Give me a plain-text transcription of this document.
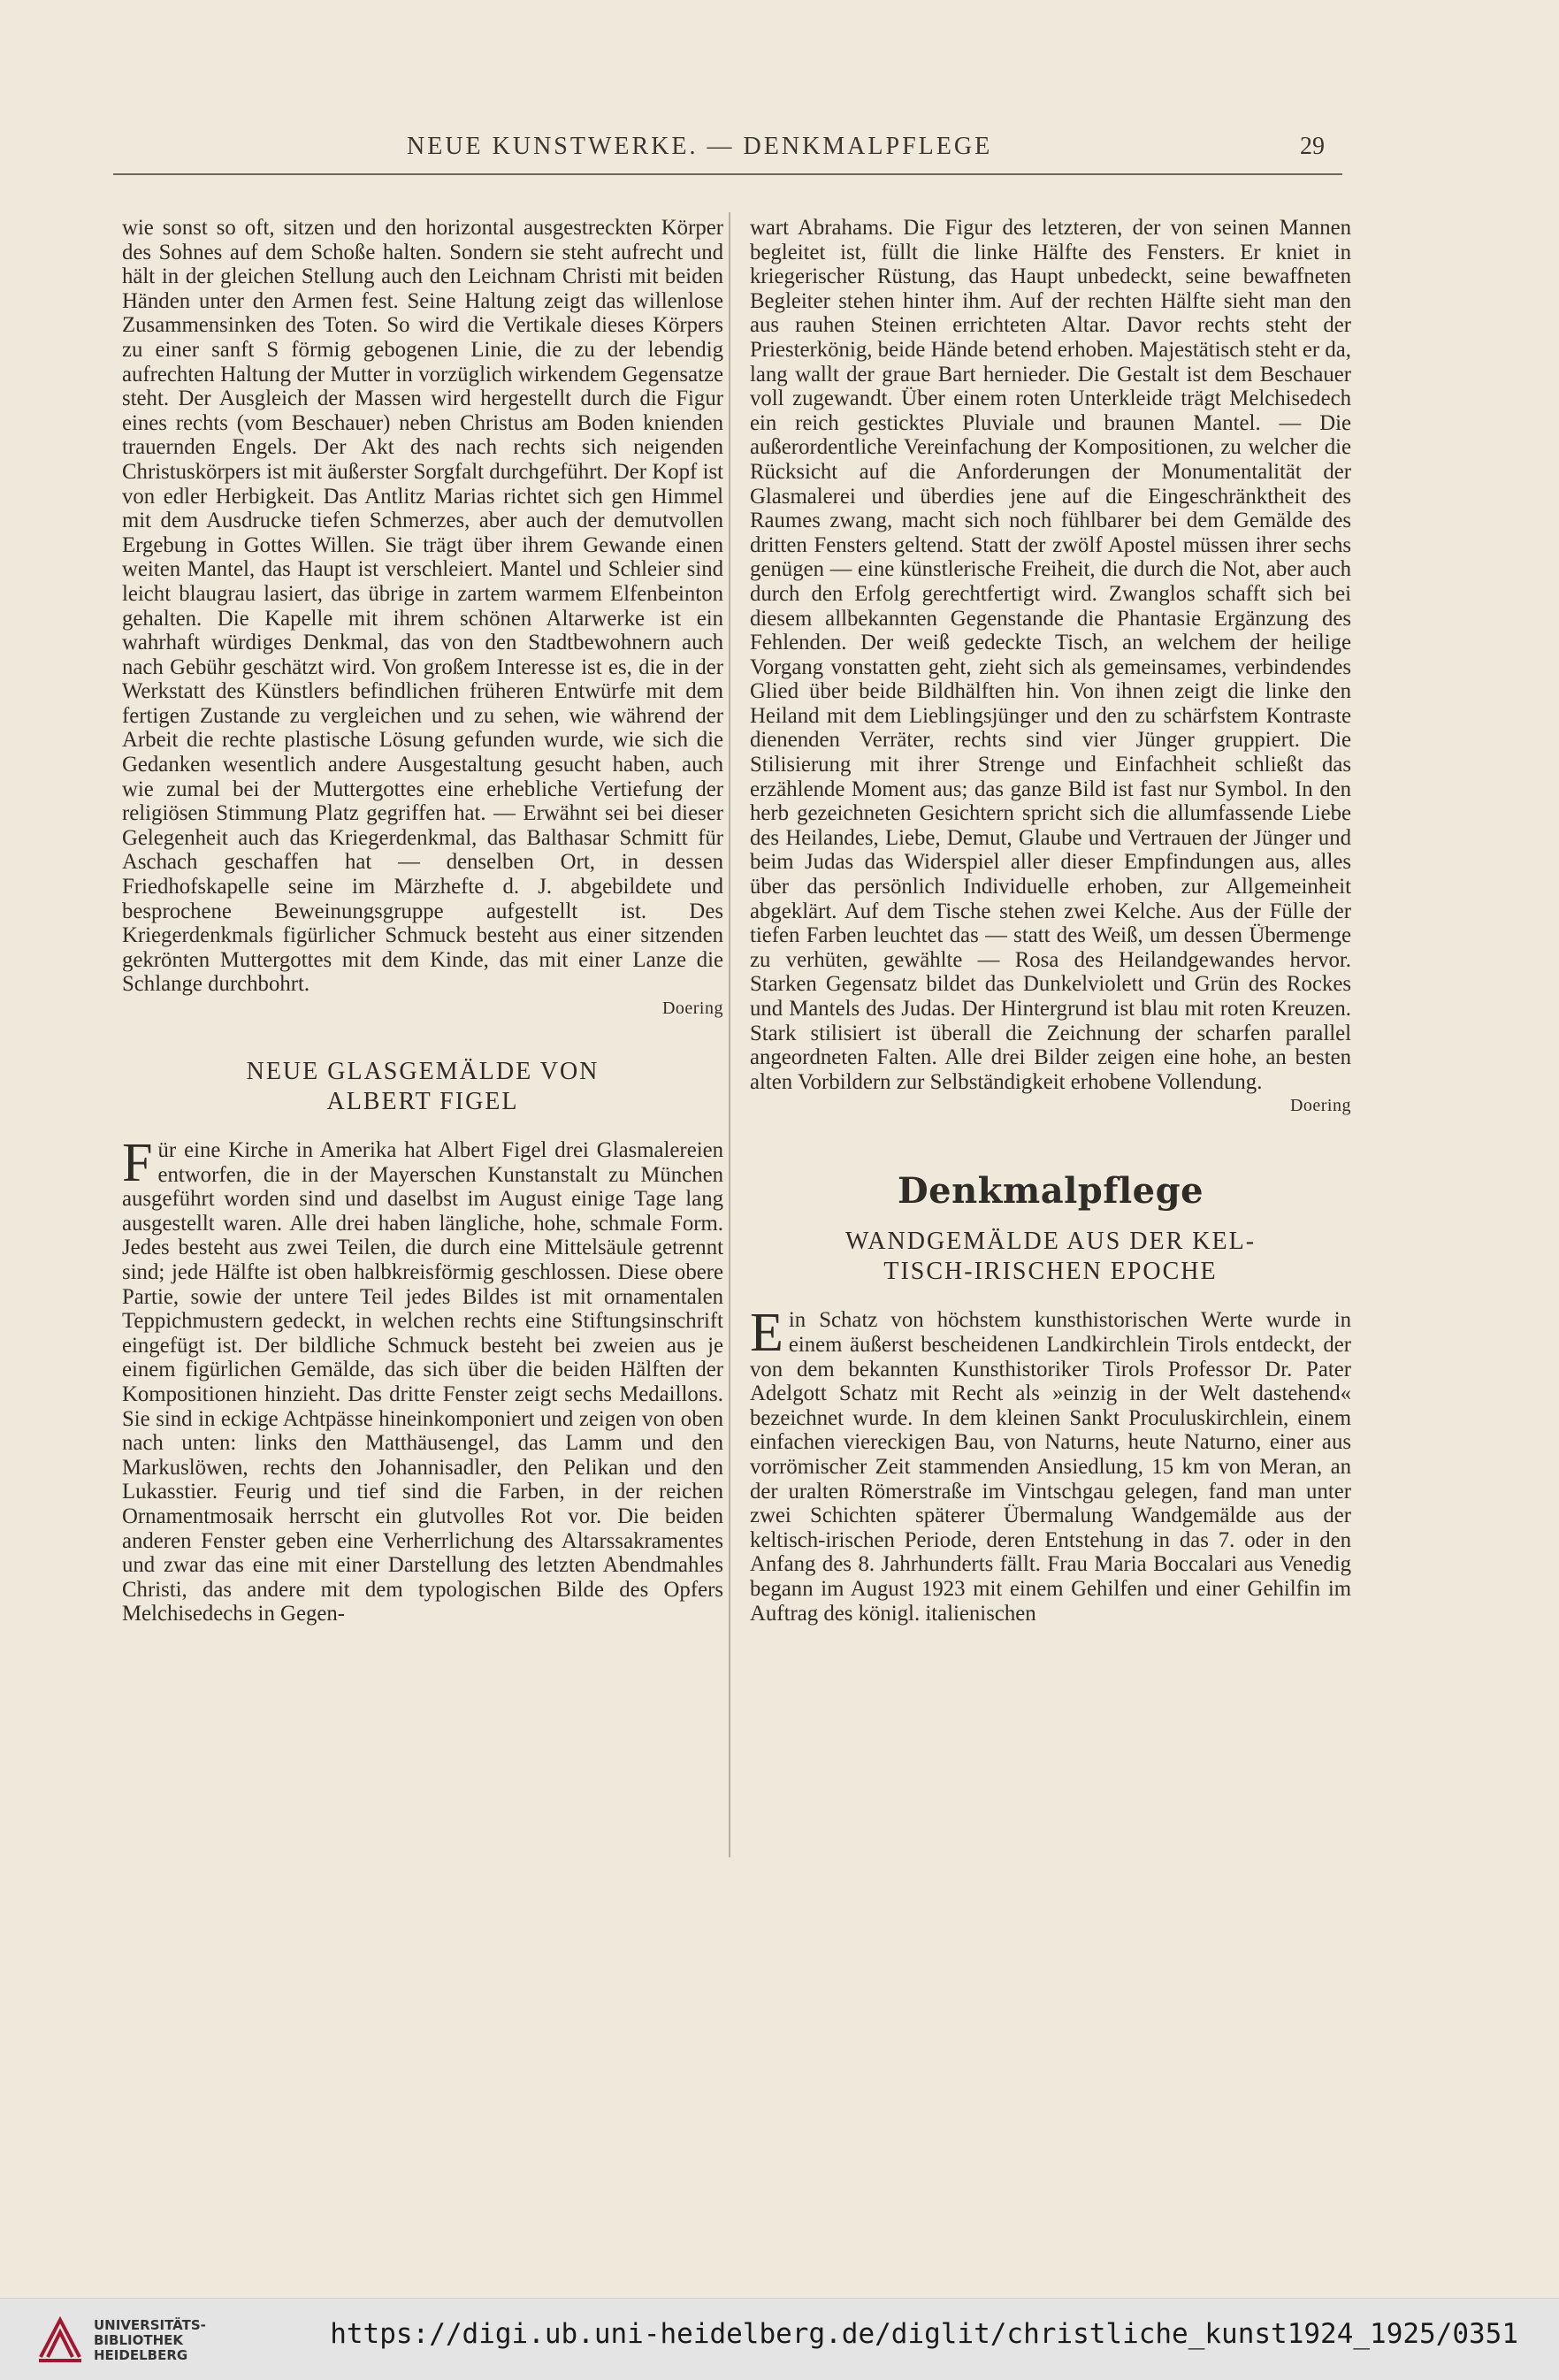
NEUE KUNSTWERKE. — DENKMALPFLEGE	29

wie sonst so oft, sitzen und den horizontal ausgestreckten Körper des Sohnes auf dem Schoße halten. Sondern sie steht aufrecht und hält in der gleichen Stellung auch den Leichnam Christi mit beiden Händen unter den Armen fest. Seine Haltung zeigt das willenlose Zusammensinken des Toten. So wird die Vertikale dieses Körpers zu einer sanft S förmig gebogenen Linie, die zu der lebendig aufrechten Haltung der Mutter in vorzüglich wirkendem Gegensatze steht. Der Ausgleich der Massen wird hergestellt durch die Figur eines rechts (vom Beschauer) neben Christus am Boden knienden trauernden Engels. Der Akt des nach rechts sich neigenden Christuskörpers ist mit äußerster Sorgfalt durchgeführt. Der Kopf ist von edler Herbigkeit. Das Antlitz Marias richtet sich gen Himmel mit dem Ausdrucke tiefen Schmerzes, aber auch der demutvollen Ergebung in Gottes Willen. Sie trägt über ihrem Gewande einen weiten Mantel, das Haupt ist verschleiert. Mantel und Schleier sind leicht blaugrau lasiert, das übrige in zartem warmem Elfenbeinton gehalten. Die Kapelle mit ihrem schönen Altarwerke ist ein wahrhaft würdiges Denkmal, das von den Stadtbewohnern auch nach Gebühr geschätzt wird. Von großem Interesse ist es, die in der Werkstatt des Künstlers befindlichen früheren Entwürfe mit dem fertigen Zustande zu vergleichen und zu sehen, wie während der Arbeit die rechte plastische Lösung gefunden wurde, wie sich die Gedanken wesentlich andere Ausgestaltung gesucht haben, auch wie zumal bei der Muttergottes eine erhebliche Vertiefung der religiösen Stimmung Platz gegriffen hat. — Erwähnt sei bei dieser Gelegenheit auch das Kriegerdenkmal, das Balthasar Schmitt für Aschach geschaffen hat — denselben Ort, in dessen Friedhofskapelle seine im Märzhefte d. J. abgebildete und besprochene Beweinungsgruppe aufgestellt ist. Des Kriegerdenkmals figürlicher Schmuck besteht aus einer sitzenden gekrönten Muttergottes mit dem Kinde, das mit einer Lanze die Schlange durchbohrt.

Doering

NEUE GLASGEMÄLDE VON
ALBERT FIGEL

Für eine Kirche in Amerika hat Albert Figel drei Glasmalereien entworfen, die in der Mayerschen Kunstanstalt zu München ausgeführt worden sind und daselbst im August einige Tage lang ausgestellt waren. Alle drei haben längliche, hohe, schmale Form. Jedes besteht aus zwei Teilen, die durch eine Mittelsäule getrennt sind; jede Hälfte ist oben halbkreisförmig geschlossen. Diese obere Partie, sowie der untere Teil jedes Bildes ist mit ornamentalen Teppichmustern gedeckt, in welchen rechts eine Stiftungsinschrift eingefügt ist. Der bildliche Schmuck besteht bei zweien aus je einem figürlichen Gemälde, das sich über die beiden Hälften der Kompositionen hinzieht. Das dritte Fenster zeigt sechs Medaillons. Sie sind in eckige Achtpässe hineinkomponiert und zeigen von oben nach unten: links den Matthäusengel, das Lamm und den Markuslöwen, rechts den Johannisadler, den Pelikan und den Lukasstier. Feurig und tief sind die Farben, in der reichen Ornamentmosaik herrscht ein glutvolles Rot vor. Die beiden anderen Fenster geben eine Verherrlichung des Altarssakramentes und zwar das eine mit einer Darstellung des letzten Abendmahles Christi, das andere mit dem typologischen Bilde des Opfers Melchisedechs in Gegen-

wart Abrahams. Die Figur des letzteren, der von seinen Mannen begleitet ist, füllt die linke Hälfte des Fensters. Er kniet in kriegerischer Rüstung, das Haupt unbedeckt, seine bewaffneten Begleiter stehen hinter ihm. Auf der rechten Hälfte sieht man den aus rauhen Steinen errichteten Altar. Davor rechts steht der Priesterkönig, beide Hände betend erhoben. Majestätisch steht er da, lang wallt der graue Bart hernieder. Die Gestalt ist dem Beschauer voll zugewandt. Über einem roten Unterkleide trägt Melchisedech ein reich gesticktes Pluviale und braunen Mantel. — Die außerordentliche Vereinfachung der Kompositionen, zu welcher die Rücksicht auf die Anforderungen der Monumentalität der Glasmalerei und überdies jene auf die Eingeschränktheit des Raumes zwang, macht sich noch fühlbarer bei dem Gemälde des dritten Fensters geltend. Statt der zwölf Apostel müssen ihrer sechs genügen — eine künstlerische Freiheit, die durch die Not, aber auch durch den Erfolg gerechtfertigt wird. Zwanglos schafft sich bei diesem allbekannten Gegenstande die Phantasie Ergänzung des Fehlenden. Der weiß gedeckte Tisch, an welchem der heilige Vorgang vonstatten geht, zieht sich als gemeinsames, verbindendes Glied über beide Bildhälften hin. Von ihnen zeigt die linke den Heiland mit dem Lieblingsjünger und den zu schärfstem Kontraste dienenden Verräter, rechts sind vier Jünger gruppiert. Die Stilisierung mit ihrer Strenge und Einfachheit schließt das erzählende Moment aus; das ganze Bild ist fast nur Symbol. In den herb gezeichneten Gesichtern spricht sich die allumfassende Liebe des Heilandes, Liebe, Demut, Glaube und Vertrauen der Jünger und beim Judas das Widerspiel aller dieser Empfindungen aus, alles über das persönlich Individuelle erhoben, zur Allgemeinheit abgeklärt. Auf dem Tische stehen zwei Kelche. Aus der Fülle der tiefen Farben leuchtet das — statt des Weiß, um dessen Übermenge zu verhüten, gewählte — Rosa des Heilandgewandes hervor. Starken Gegensatz bildet das Dunkelviolett und Grün des Rockes und Mantels des Judas. Der Hintergrund ist blau mit roten Kreuzen. Stark stilisiert ist überall die Zeichnung der scharfen parallel angeordneten Falten. Alle drei Bilder zeigen eine hohe, an besten alten Vorbildern zur Selbständigkeit erhobene Vollendung.

Doering

Denkmalpflege
WANDGEMÄLDE AUS DER KEL-
TISCH-IRISCHEN EPOCHE

Ein Schatz von höchstem kunsthistorischen Werte wurde in einem äußerst bescheidenen Landkirchlein Tirols entdeckt, der von dem bekannten Kunsthistoriker Tirols Professor Dr. Pater Adelgott Schatz mit Recht als »einzig in der Welt dastehend« bezeichnet wurde. In dem kleinen Sankt Proculuskirchlein, einem einfachen viereckigen Bau, von Naturns, heute Naturno, einer aus vorrömischer Zeit stammenden Ansiedlung, 15 km von Meran, an der uralten Römerstraße im Vintschgau gelegen, fand man unter zwei Schichten späterer Übermalung Wandgemälde aus der keltisch-irischen Periode, deren Entstehung in das 7. oder in den Anfang des 8. Jahrhunderts fällt. Frau Maria Boccalari aus Venedig begann im August 1923 mit einem Gehilfen und einer Gehilfin im Auftrag des königl. italienischen

UNIVERSITÄTS-
BIBLIOTHEK
HEIDELBERG
https://digi.ub.uni-heidelberg.de/diglit/christliche_kunst1924_1925/0351
